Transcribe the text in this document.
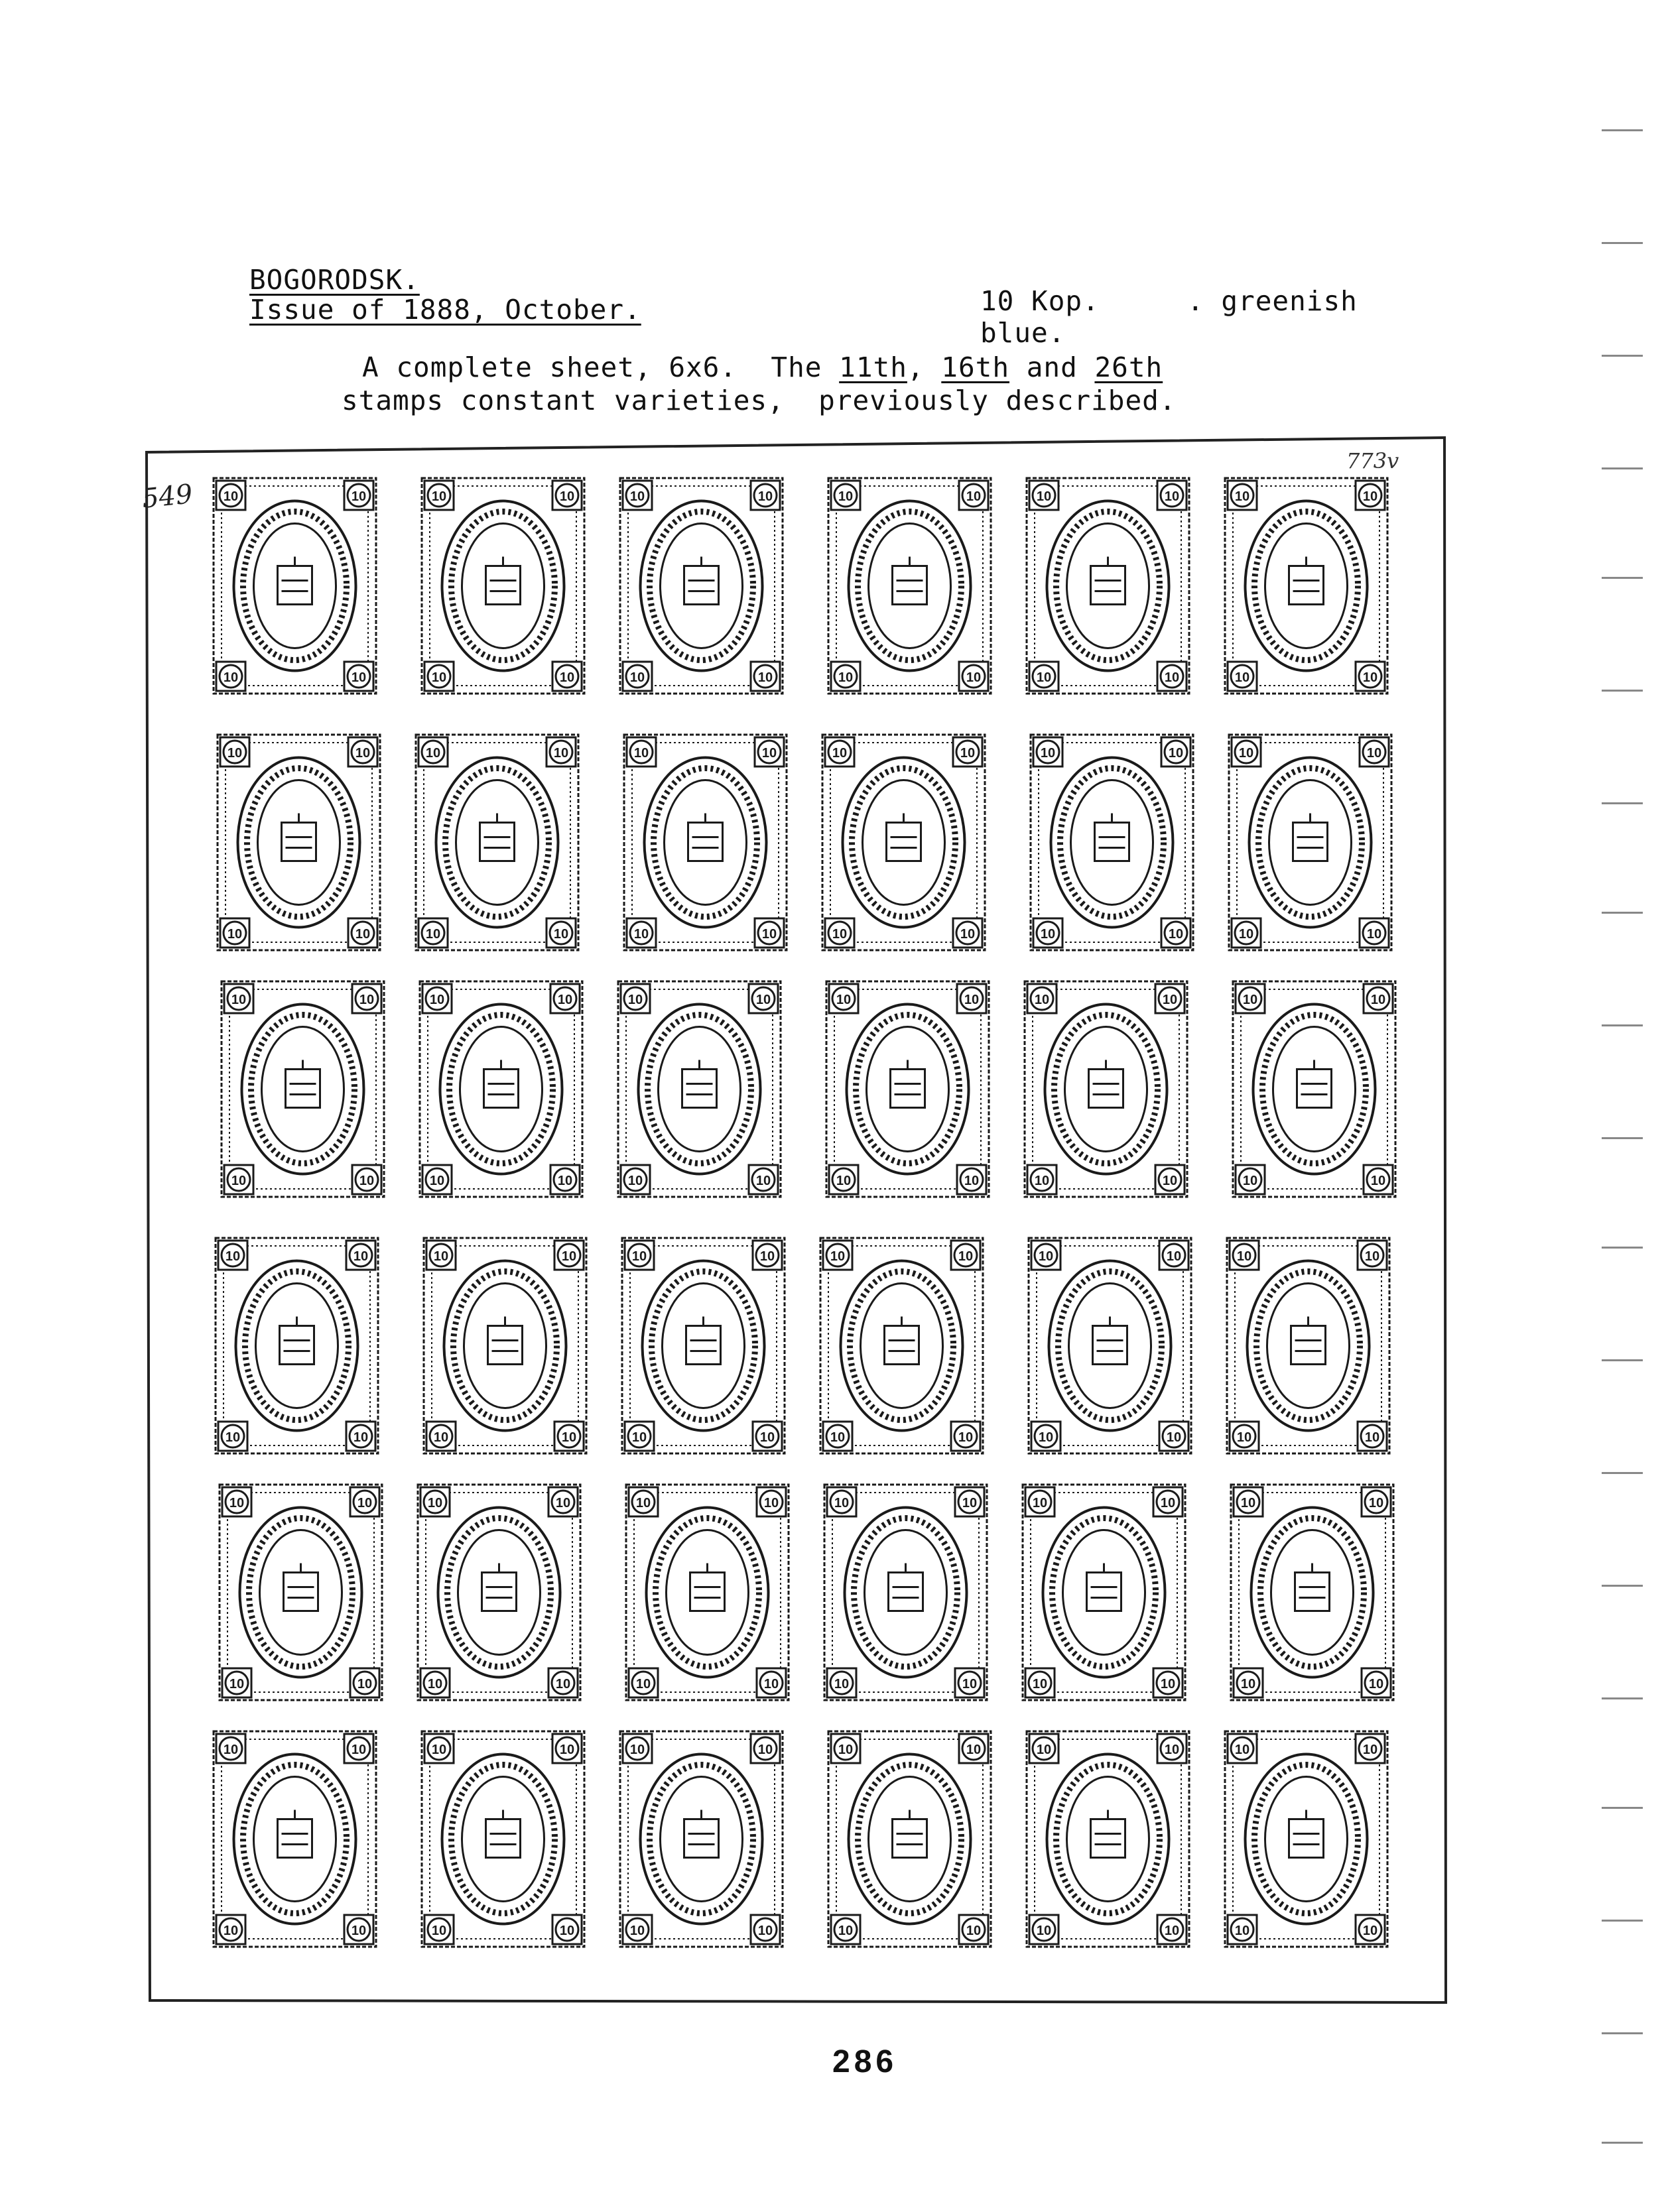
BOGORODSK.
Issue of 1888, October.	10 Kop.	. greenish
blue.
A complete sheet, 6x6.  The 11th, 16th and 26th
stamps constant varieties,  previously described.
10	10
10	10
10	10
10	10
10	10
10	10
10	10
10	10
10	10
10	10
10	10
10	10
10	10
10	10
10	10
10	10
10	10
10	10
10	10
10	10
10	10
10	10
10	10
10	10
10	10
10	10
10	10
10	10
10	10
10	10
10	10
10	10
10	10
10	10
10	10
10	10
10	10
10	10
10	10
10	10
10	10
10	10
10	10
10	10
10	10
10	10
10	10
10	10
10	10
10	10
10	10
10	10
10	10
10	10
10	10
10	10
10	10
10	10
10	10
10	10
10	10
10	10
10	10
10	10
10	10
10	10
10	10
10	10
10	10
10	10
10	10
10	10
549
773v
286
